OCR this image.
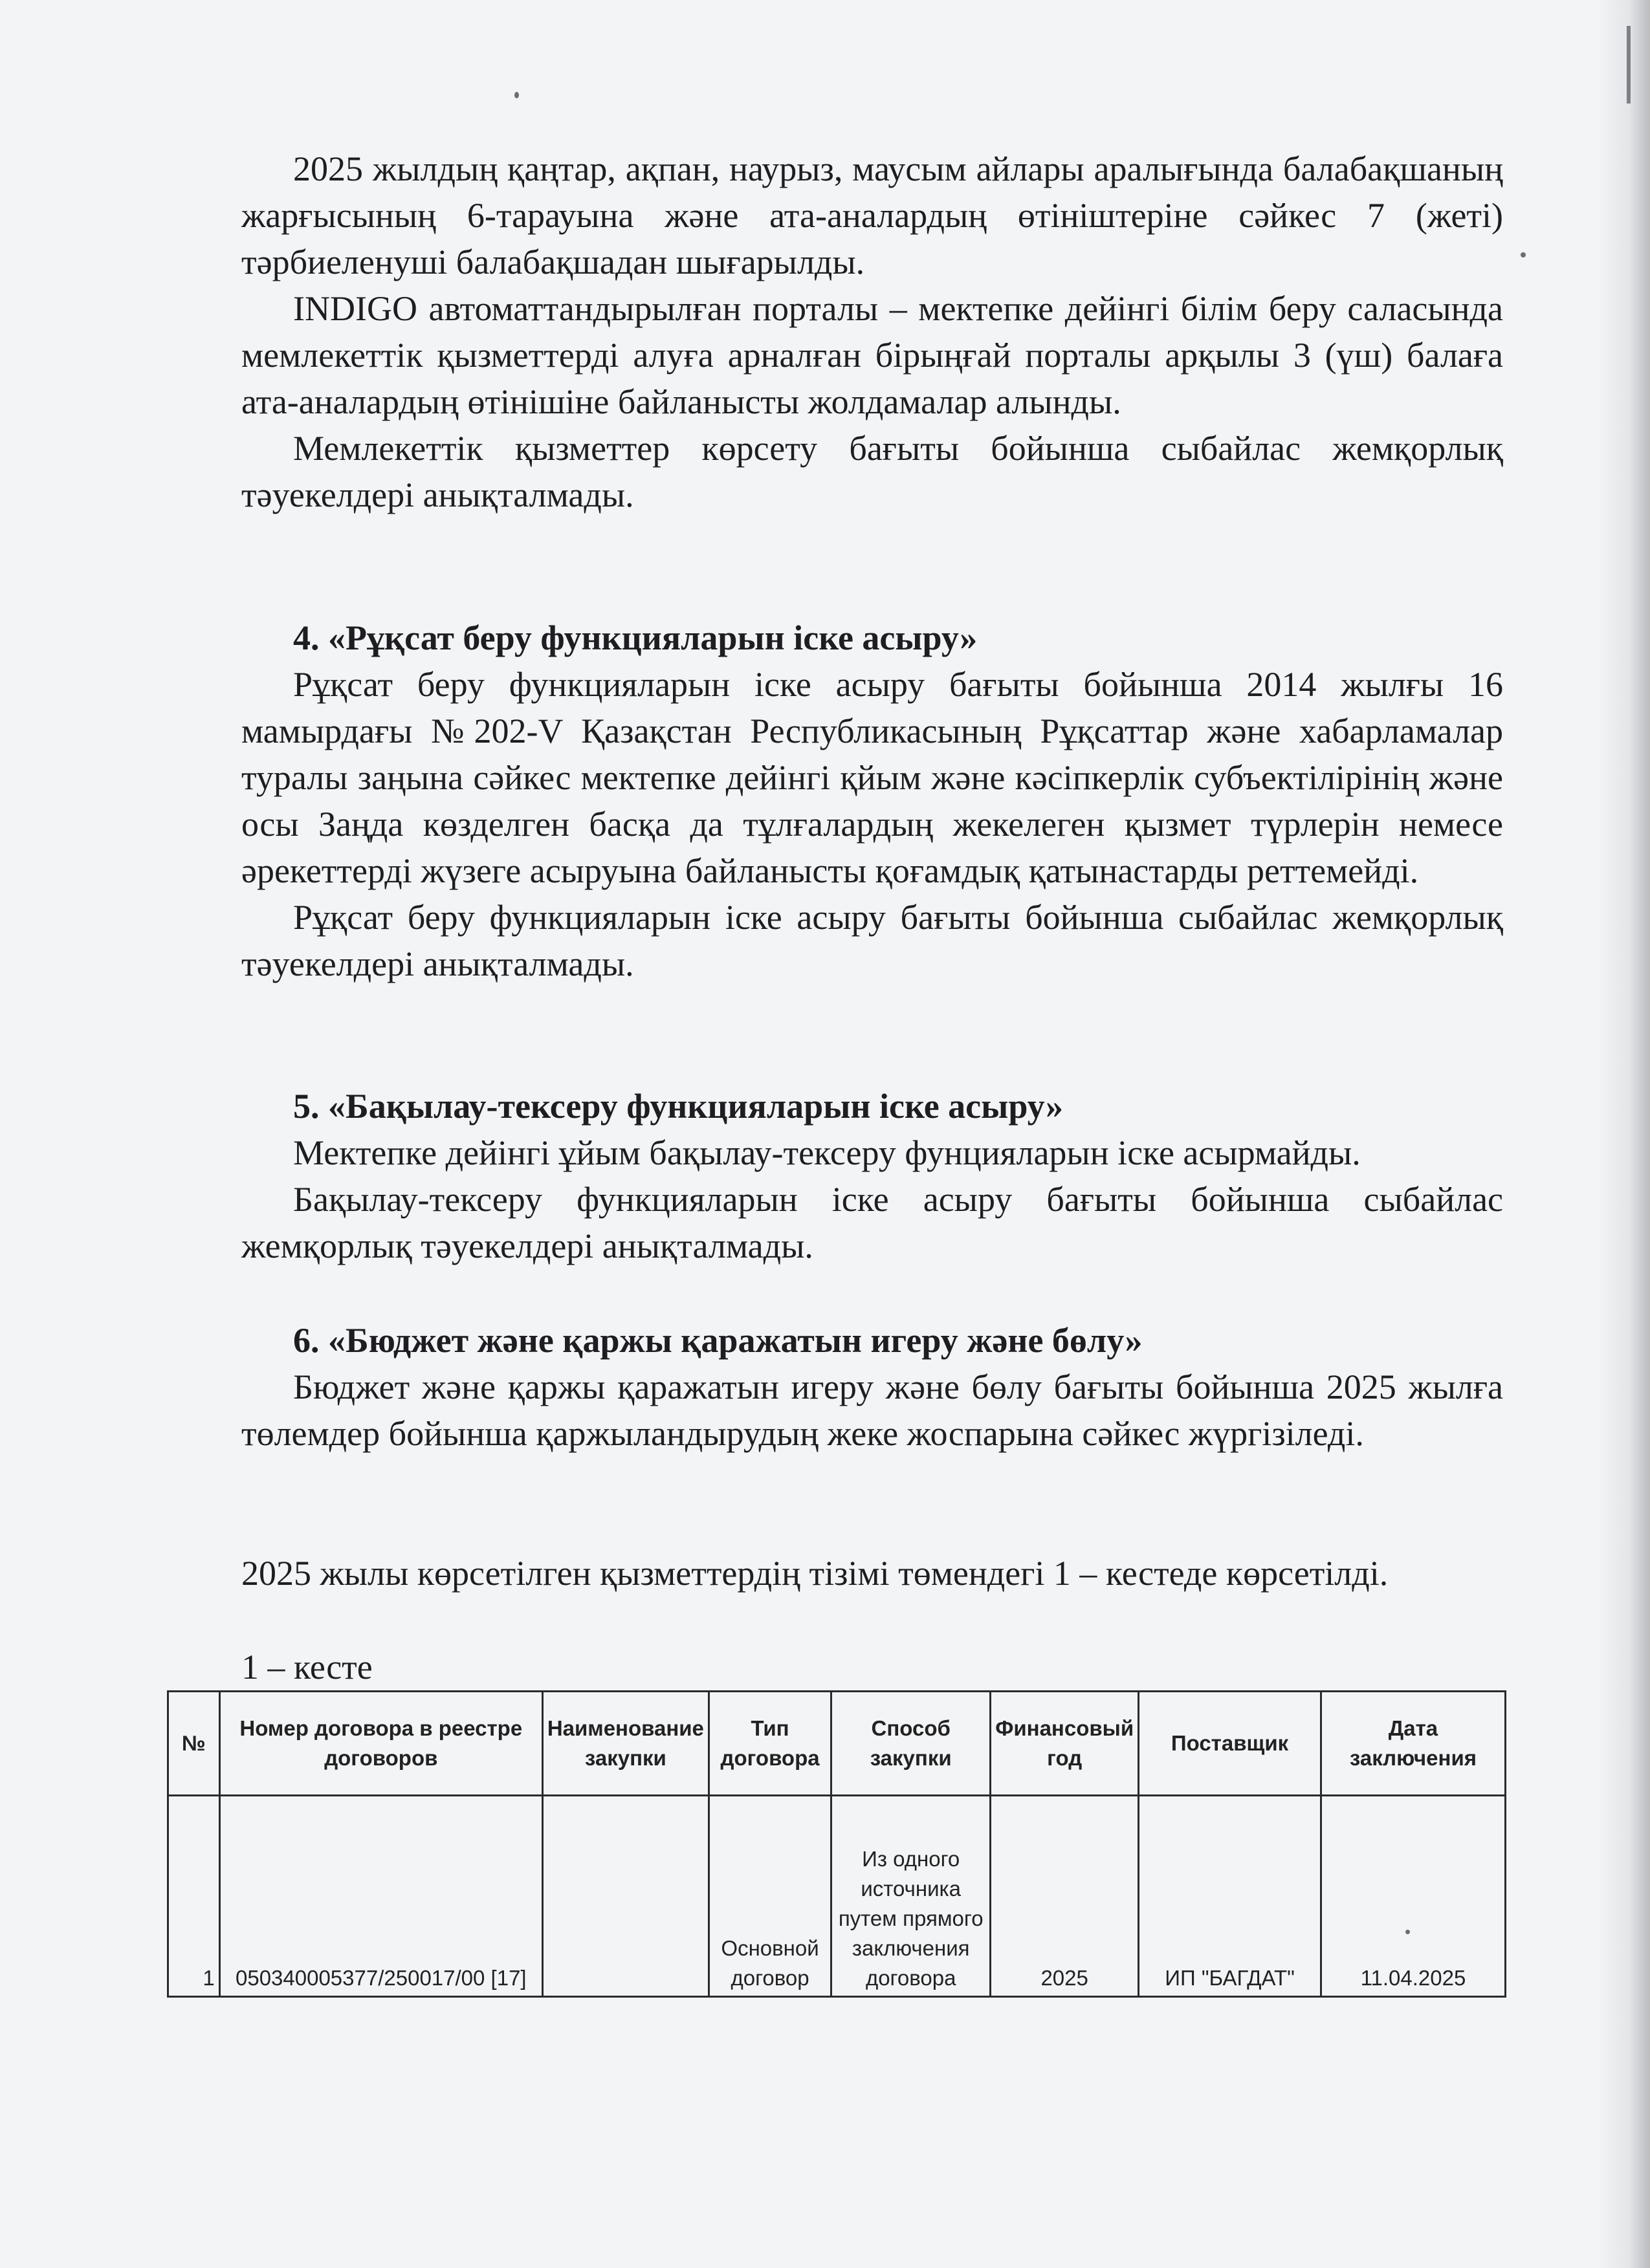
2025 жылдың қаңтар, ақпан, наурыз, маусым айлары аралығында балабақшаның жарғысының 6-тарауына және ата-аналардың өтініштеріне сәйкес 7 (жеті) тәрбиеленуші балабақшадан шығарылды.

INDIGO автоматтандырылған порталы – мектепке дейінгі білім беру саласында мемлекеттік қызметтерді алуға арналған бірыңғай порталы арқылы 3 (үш) балаға ата-аналардың өтінішіне байланысты жолдамалар алынды.

Мемлекеттік қызметтер көрсету бағыты бойынша сыбайлас жемқорлық тәуекелдері анықталмады.

4. «Рұқсат беру функцияларын іске асыру»

Рұқсат беру функцияларын іске асыру бағыты бойынша 2014 жылғы 16 мамырдағы №202-V Қазақстан Республикасының Рұқсаттар және хабарламалар туралы заңына сәйкес мектепке дейінгі қйым және кәсіпкерлік субъектілірінің және осы Заңда көзделген басқа да тұлғалардың жекелеген қызмет түрлерін немесе әрекеттерді жүзеге асыруына байланысты қоғамдық қатынастарды реттемейді.

Рұқсат беру функцияларын іске асыру бағыты бойынша сыбайлас жемқорлық тәуекелдері анықталмады.

5. «Бақылау-тексеру функцияларын іске асыру»

Мектепке дейінгі ұйым бақылау-тексеру фунцияларын іске асырмайды.

Бақылау-тексеру функцияларын іске асыру бағыты бойынша сыбайлас жемқорлық тәуекелдері анықталмады.

6. «Бюджет және қаржы қаражатын игеру және бөлу»

Бюджет және қаржы қаражатын игеру және бөлу бағыты бойынша 2025 жылға төлемдер бойынша қаржыландырудың жеке жоспарына сәйкес жүргізіледі.

2025 жылы көрсетілген қызметтердің тізімі төмендегі 1 – кестеде көрсетілді.
1 – кесте
№	Номер договора в реестре договоров	Наименование закупки	Тип договора	Способ закупки	Финансовый год	Поставщик	Дата заключения
1	050340005377/250017/00 [17]		Основной договор	Из одного источника путем прямого заключения договора	2025	ИП "БАГДАТ"	11.04.2025
